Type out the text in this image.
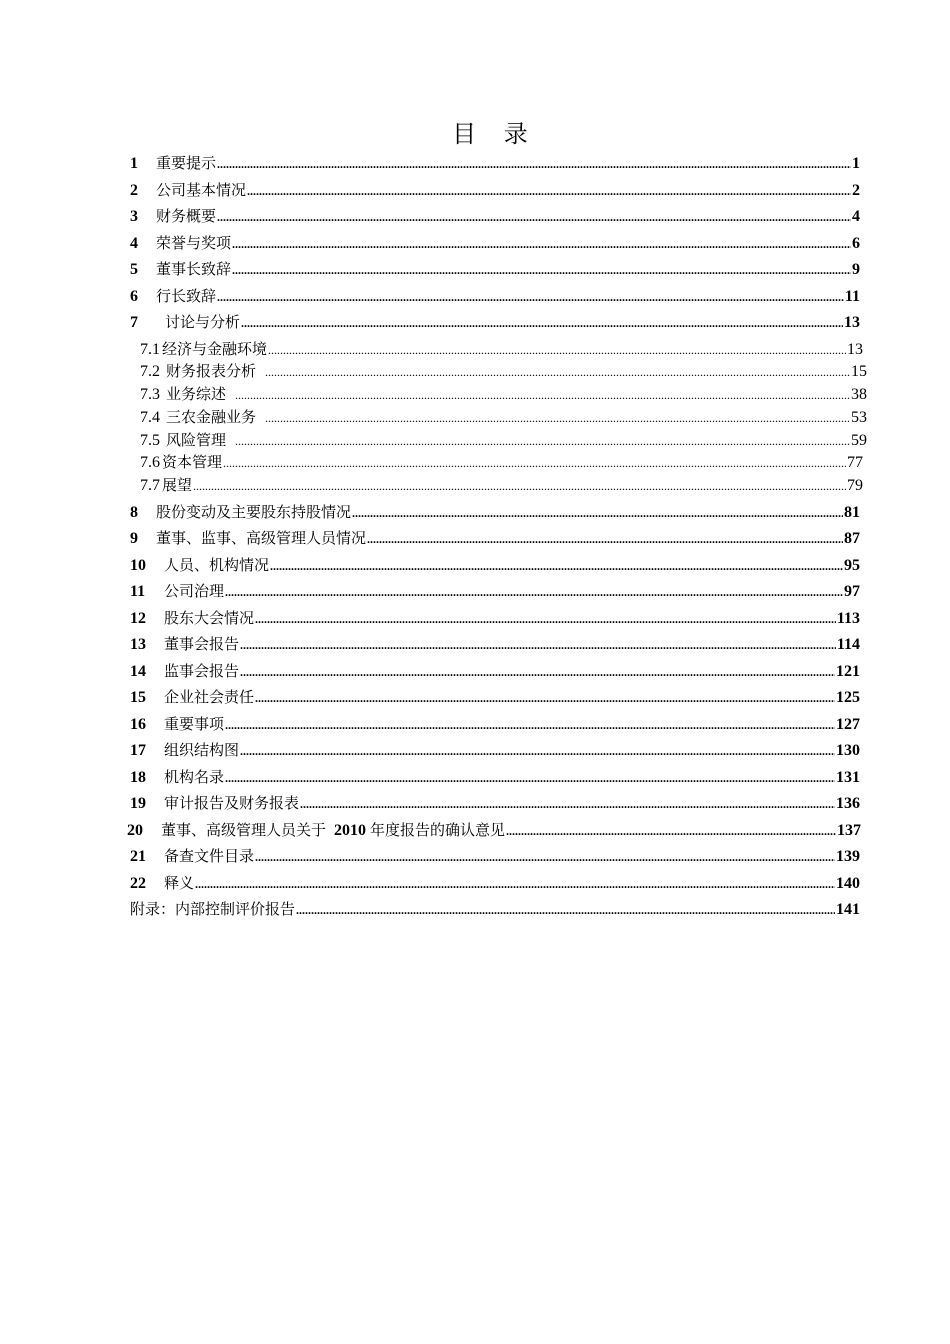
目 录
1	重要提示 .....	1
2	公司基本情况 .....	2
3	财务概要 .....	4
4	荣誉与奖项 .....	6
5	董事长致辞 .....	9
6	行长致辞 .....	11
7	讨论与分析 .....	13
7.1 经济与金融环境 .....	13
7.2 财务报表分析 .....	15
7.3 业务综述 .....	38
7.4 三农金融业务 .....	53
7.5 风险管理 .....	59
7.6 资本管理 .....	77
7.7 展望 .....	79
8	股份变动及主要股东持股情况 .....	81
9	董事、监事、高级管理人员情况 .....	87
10	人员、机构情况 .....	95
11	公司治理 .....	97
12	股东大会情况 .....	113
13	董事会报告 .....	114
14	监事会报告 .....	121
15	企业社会责任 .....	125
16	重要事项 .....	127
17	组织结构图 .....	130
18	机构名录 .....	131
19	审计报告及财务报表 .....	136
20	董事、高级管理人员关于 2010 年度报告的确认意见 .....	137
21	备查文件目录 .....	139
22	释义 .....	140
附录：内部控制评价报告 .....	141
